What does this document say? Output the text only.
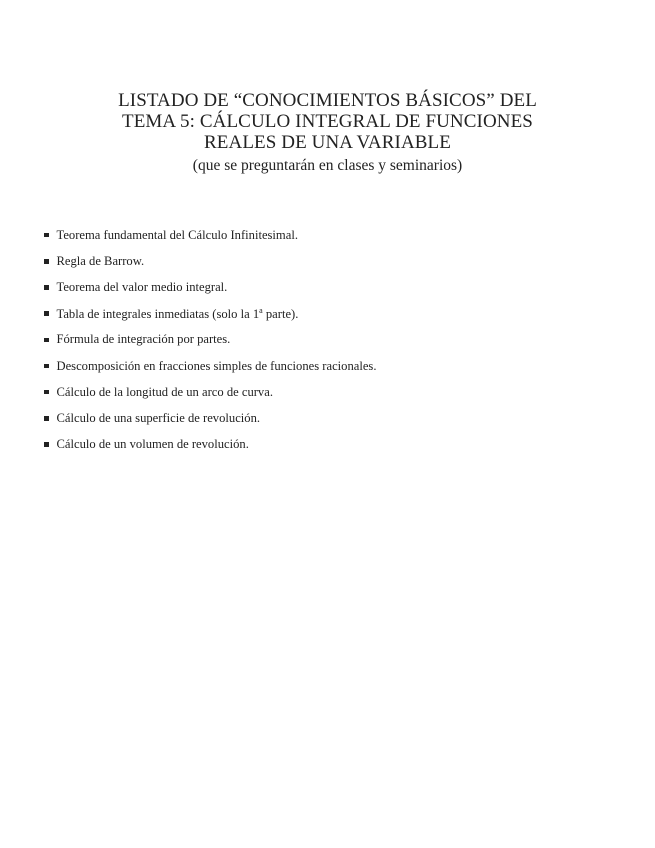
LISTADO DE “CONOCIMIENTOS BÁSICOS” DEL
TEMA 5: CÁLCULO INTEGRAL DE FUNCIONES
REALES DE UNA VARIABLE
(que se preguntarán en clases y seminarios)
Teorema fundamental del Cálculo Infinitesimal.
Regla de Barrow.
Teorema del valor medio integral.
Tabla de integrales inmediatas (solo la 1$^a$ parte).
Fórmula de integración por partes.
Descomposición en fracciones simples de funciones racionales.
Cálculo de la longitud de un arco de curva.
Cálculo de una superficie de revolución.
Cálculo de un volumen de revolución.
